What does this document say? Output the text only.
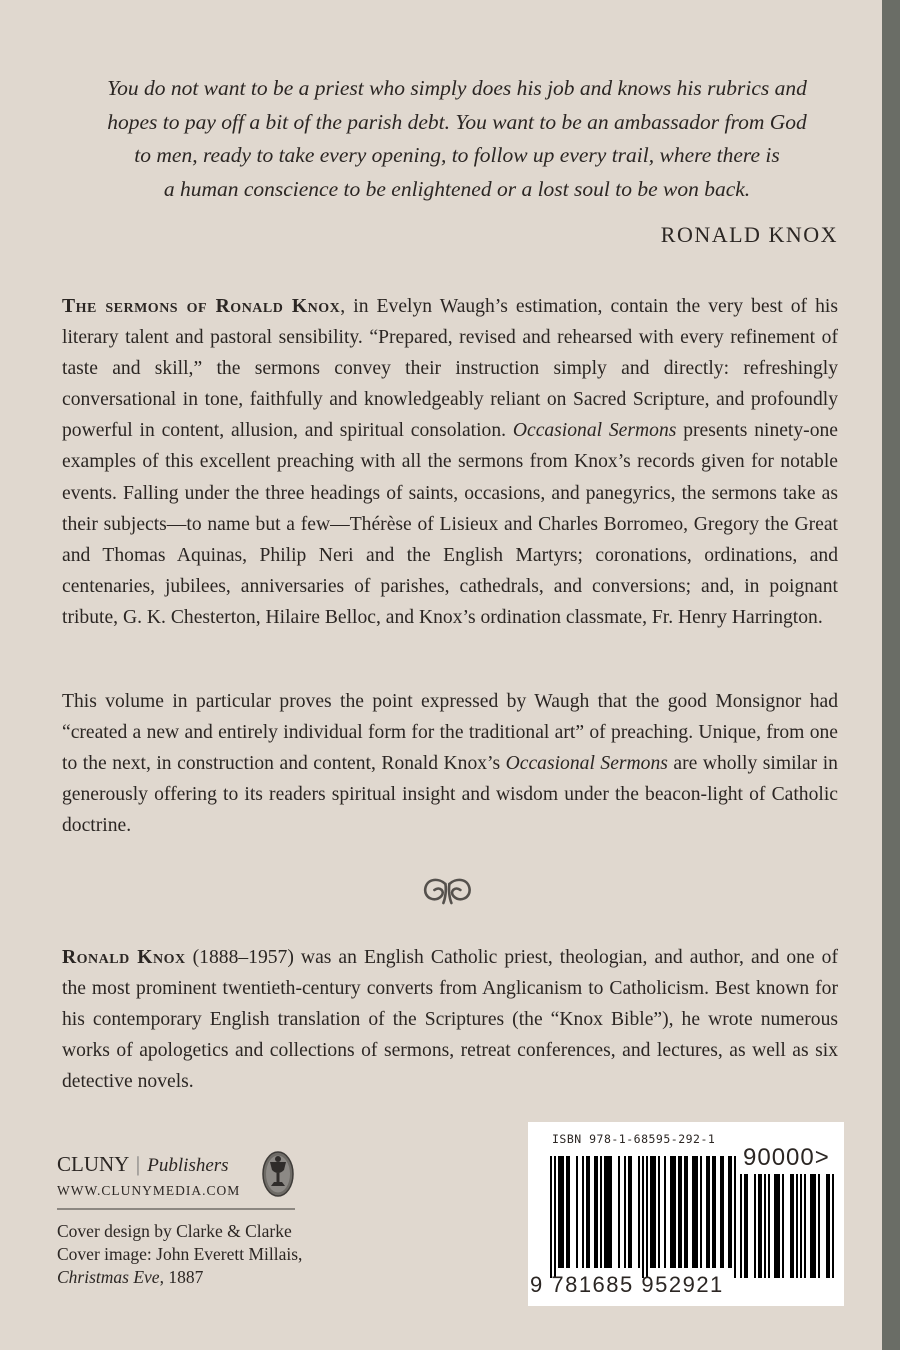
You do not want to be a priest who simply does his job and knows his rubrics and
hopes to pay off a bit of the parish debt. You want to be an ambassador from God
to men, ready to take every opening, to follow up every trail, where there is
a human conscience to be enlightened or a lost soul to be won back.
RONALD KNOX
The sermons of Ronald Knox, in Evelyn Waugh’s estimation, contain the very best of his literary talent and pastoral sensibility. “Prepared, revised and rehearsed with every refinement of taste and skill,” the sermons convey their instruction simply and directly: refreshingly conversational in tone, faithfully and knowledgeably reliant on Sacred Scripture, and profoundly powerful in content, allusion, and spiritual consolation. Occasional Sermons presents ninety-one examples of this excellent preaching with all the sermons from Knox’s records given for notable events. Falling under the three headings of saints, occasions, and panegyrics, the sermons take as their subjects—to name but a few—Thérèse of Lisieux and Charles Borromeo, Gregory the Great and Thomas Aquinas, Philip Neri and the English Martyrs; coronations, ordinations, and centenaries, jubilees, anniversaries of parishes, cathedrals, and conversions; and, in poignant tribute, G. K. Chesterton, Hilaire Belloc, and Knox’s ordination classmate, Fr. Henry Harrington.
This volume in particular proves the point expressed by Waugh that the good Monsignor had “created a new and entirely individual form for the traditional art” of preaching. Unique, from one to the next, in construction and content, Ronald Knox’s Occasional Sermons are wholly similar in generously offering to its readers spiritual insight and wisdom under the beacon-light of Catholic doctrine.
Ronald Knox (1888–1957) was an English Catholic priest, theologian, and author, and one of the most prominent twentieth-century converts from Anglicanism to Catholicism. Best known for his contemporary English translation of the Scriptures (the “Knox Bible”), he wrote numerous works of apologetics and collections of sermons, retreat conferences, and lectures, as well as six detective novels.
CLUNY | Publishers
WWW.CLUNYMEDIA.COM
Cover design by Clarke & Clarke
Cover image: John Everett Millais,
Christmas Eve, 1887
ISBN 978-1-68595-292-1
90000>
9 781685 952921
